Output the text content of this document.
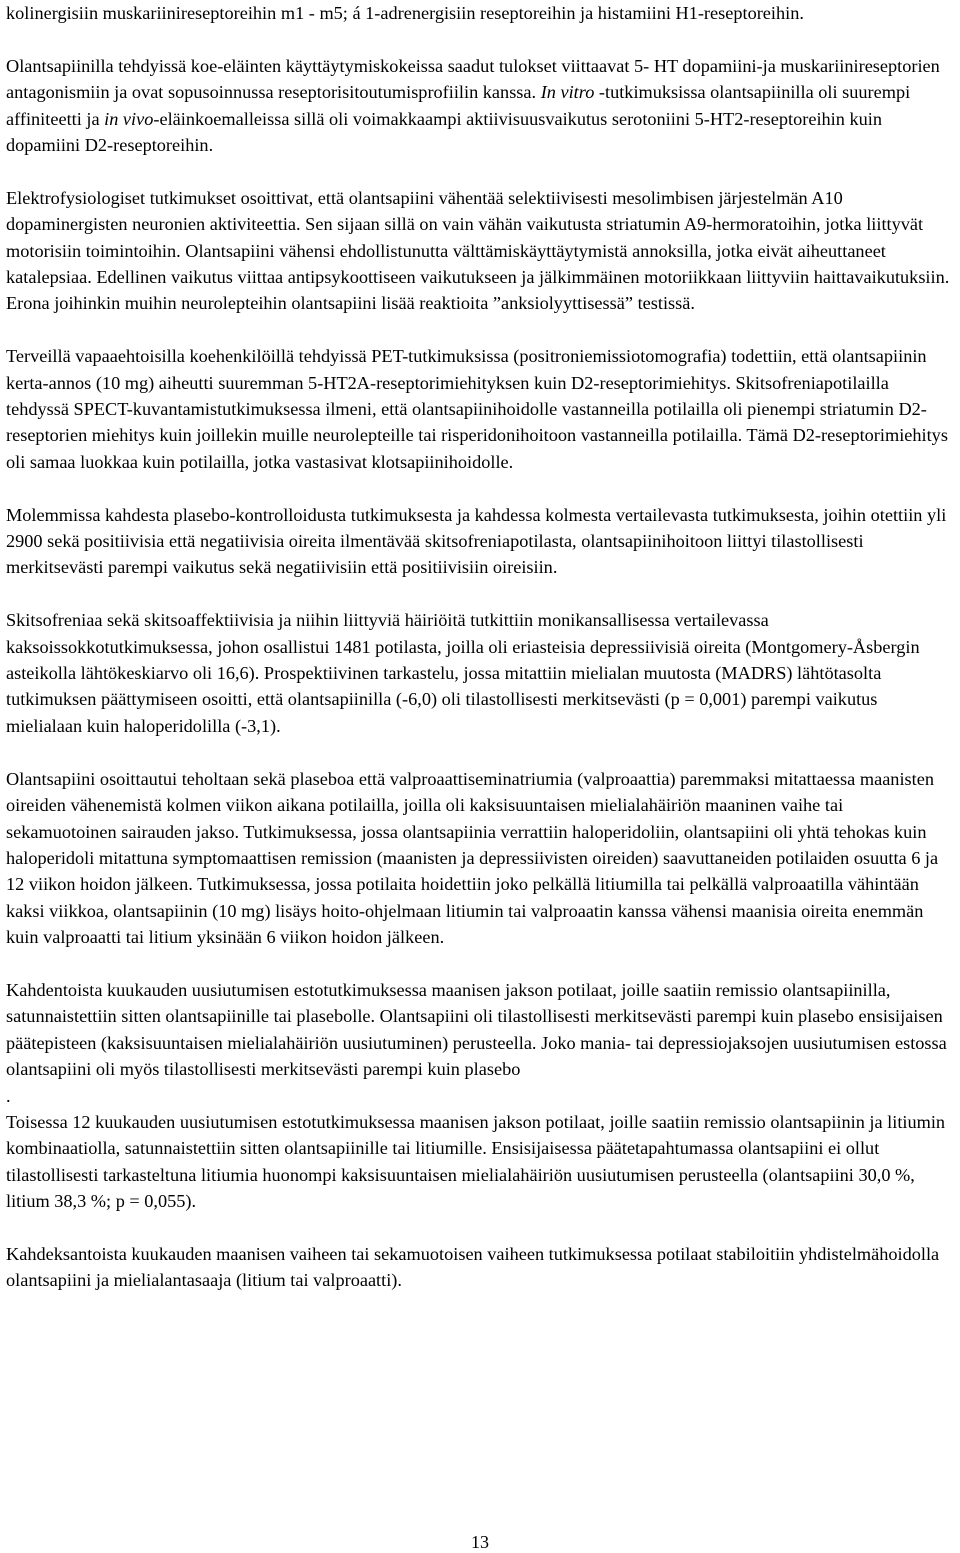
kolinergisiin muskariinireseptoreihin m1 - m5; á 1-adrenergisiin reseptoreihin ja histamiini H1-reseptoreihin.

Olantsapiinilla tehdyissä koe-eläinten käyttäytymiskokeissa saadut tulokset viittaavat 5- HT dopamiini-ja muskariinireseptorien antagonismiin ja ovat sopusoinnussa reseptorisitoutumisprofiilin kanssa. In vitro -tutkimuksissa olantsapiinilla oli suurempi affiniteetti ja in vivo-eläinkoemalleissa sillä oli voimakkaampi aktiivisuusvaikutus serotoniini 5-HT2-reseptoreihin kuin dopamiini D2-reseptoreihin.

Elektrofysiologiset tutkimukset osoittivat, että olantsapiini vähentää selektiivisesti mesolimbisen järjestelmän A10 dopaminergisten neuronien aktiviteettia. Sen sijaan sillä on vain vähän vaikutusta striatumin A9-hermoratoihin, jotka liittyvät motorisiin toimintoihin. Olantsapiini vähensi ehdollistunutta välttämiskäyttäytymistä annoksilla, jotka eivät aiheuttaneet katalepsiaa. Edellinen vaikutus viittaa antipsykoottiseen vaikutukseen ja jälkimmäinen motoriikkaan liittyviin haittavaikutuksiin. Erona joihinkin muihin neurolepteihin olantsapiini lisää reaktioita ”anksiolyyttisessä” testissä.

Terveillä vapaaehtoisilla koehenkilöillä tehdyissä PET-tutkimuksissa (positroniemissiotomografia) todettiin, että olantsapiinin kerta-annos (10 mg) aiheutti suuremman 5-HT2A-reseptorimiehityksen kuin D2-reseptorimiehitys. Skitsofreniapotilailla tehdyssä SPECT-kuvantamistutkimuksessa ilmeni, että olantsapiinihoidolle vastanneilla potilailla oli pienempi striatumin D2-reseptorien miehitys kuin joillekin muille neurolepteille tai risperidonihoitoon vastanneilla potilailla. Tämä D2-reseptorimiehitys oli samaa luokkaa kuin potilailla, jotka vastasivat klotsapiinihoidolle.

Molemmissa kahdesta plasebo-kontrolloidusta tutkimuksesta ja kahdessa kolmesta vertailevasta tutkimuksesta, joihin otettiin yli 2900 sekä positiivisia että negatiivisia oireita ilmentävää skitsofreniapotilasta, olantsapiinihoitoon liittyi tilastollisesti merkitsevästi parempi vaikutus sekä negatiivisiin että positiivisiin oireisiin.

Skitsofreniaa sekä skitsoaffektiivisia ja niihin liittyviä häiriöitä tutkittiin monikansallisessa vertailevassa kaksoissokkotutkimuksessa, johon osallistui 1481 potilasta, joilla oli eriasteisia depressiivisiä oireita (Montgomery-Åsbergin asteikolla lähtökeskiarvo oli 16,6). Prospektiivinen tarkastelu, jossa mitattiin mielialan muutosta (MADRS) lähtötasolta tutkimuksen päättymiseen osoitti, että olantsapiinilla (-6,0) oli tilastollisesti merkitsevästi (p = 0,001) parempi vaikutus mielialaan kuin haloperidolilla (-3,1).

Olantsapiini osoittautui teholtaan sekä plaseboa että valproaattiseminatriumia (valproaattia) paremmaksi mitattaessa maanisten oireiden vähenemistä kolmen viikon aikana potilailla, joilla oli kaksisuuntaisen mielialahäiriön maaninen vaihe tai sekamuotoinen sairauden jakso. Tutkimuksessa, jossa olantsapiinia verrattiin haloperidoliin, olantsapiini oli yhtä tehokas kuin haloperidoli mitattuna symptomaattisen remission (maanisten ja depressiivisten oireiden) saavuttaneiden potilaiden osuutta 6 ja 12 viikon hoidon jälkeen. Tutkimuksessa, jossa potilaita hoidettiin joko pelkällä litiumilla tai pelkällä valproaatilla vähintään kaksi viikkoa, olantsapiinin (10 mg) lisäys hoito-ohjelmaan litiumin tai valproaatin kanssa vähensi maanisia oireita enemmän kuin valproaatti tai litium yksinään 6 viikon hoidon jälkeen.

Kahdentoista kuukauden uusiutumisen estotutkimuksessa maanisen jakson potilaat, joille saatiin remissio olantsapiinilla, satunnaistettiin sitten olantsapiinille tai plasebolle. Olantsapiini oli tilastollisesti merkitsevästi parempi kuin plasebo ensisijaisen päätepisteen (kaksisuuntaisen mielialahäiriön uusiutuminen) perusteella. Joko mania- tai depressiojaksojen uusiutumisen estossa olantsapiini oli myös tilastollisesti merkitsevästi parempi kuin plasebo

.

Toisessa 12 kuukauden uusiutumisen estotutkimuksessa maanisen jakson potilaat, joille saatiin remissio olantsapiinin ja litiumin kombinaatiolla, satunnaistettiin sitten olantsapiinille tai litiumille. Ensisijaisessa päätetapahtumassa olantsapiini ei ollut tilastollisesti tarkasteltuna litiumia huonompi kaksisuuntaisen mielialahäiriön uusiutumisen perusteella (olantsapiini 30,0 %, litium 38,3 %; p = 0,055).

Kahdeksantoista kuukauden maanisen vaiheen tai sekamuotoisen vaiheen tutkimuksessa potilaat stabiloitiin yhdistelmähoidolla olantsapiini ja mielialantasaaja (litium tai valproaatti).

13
